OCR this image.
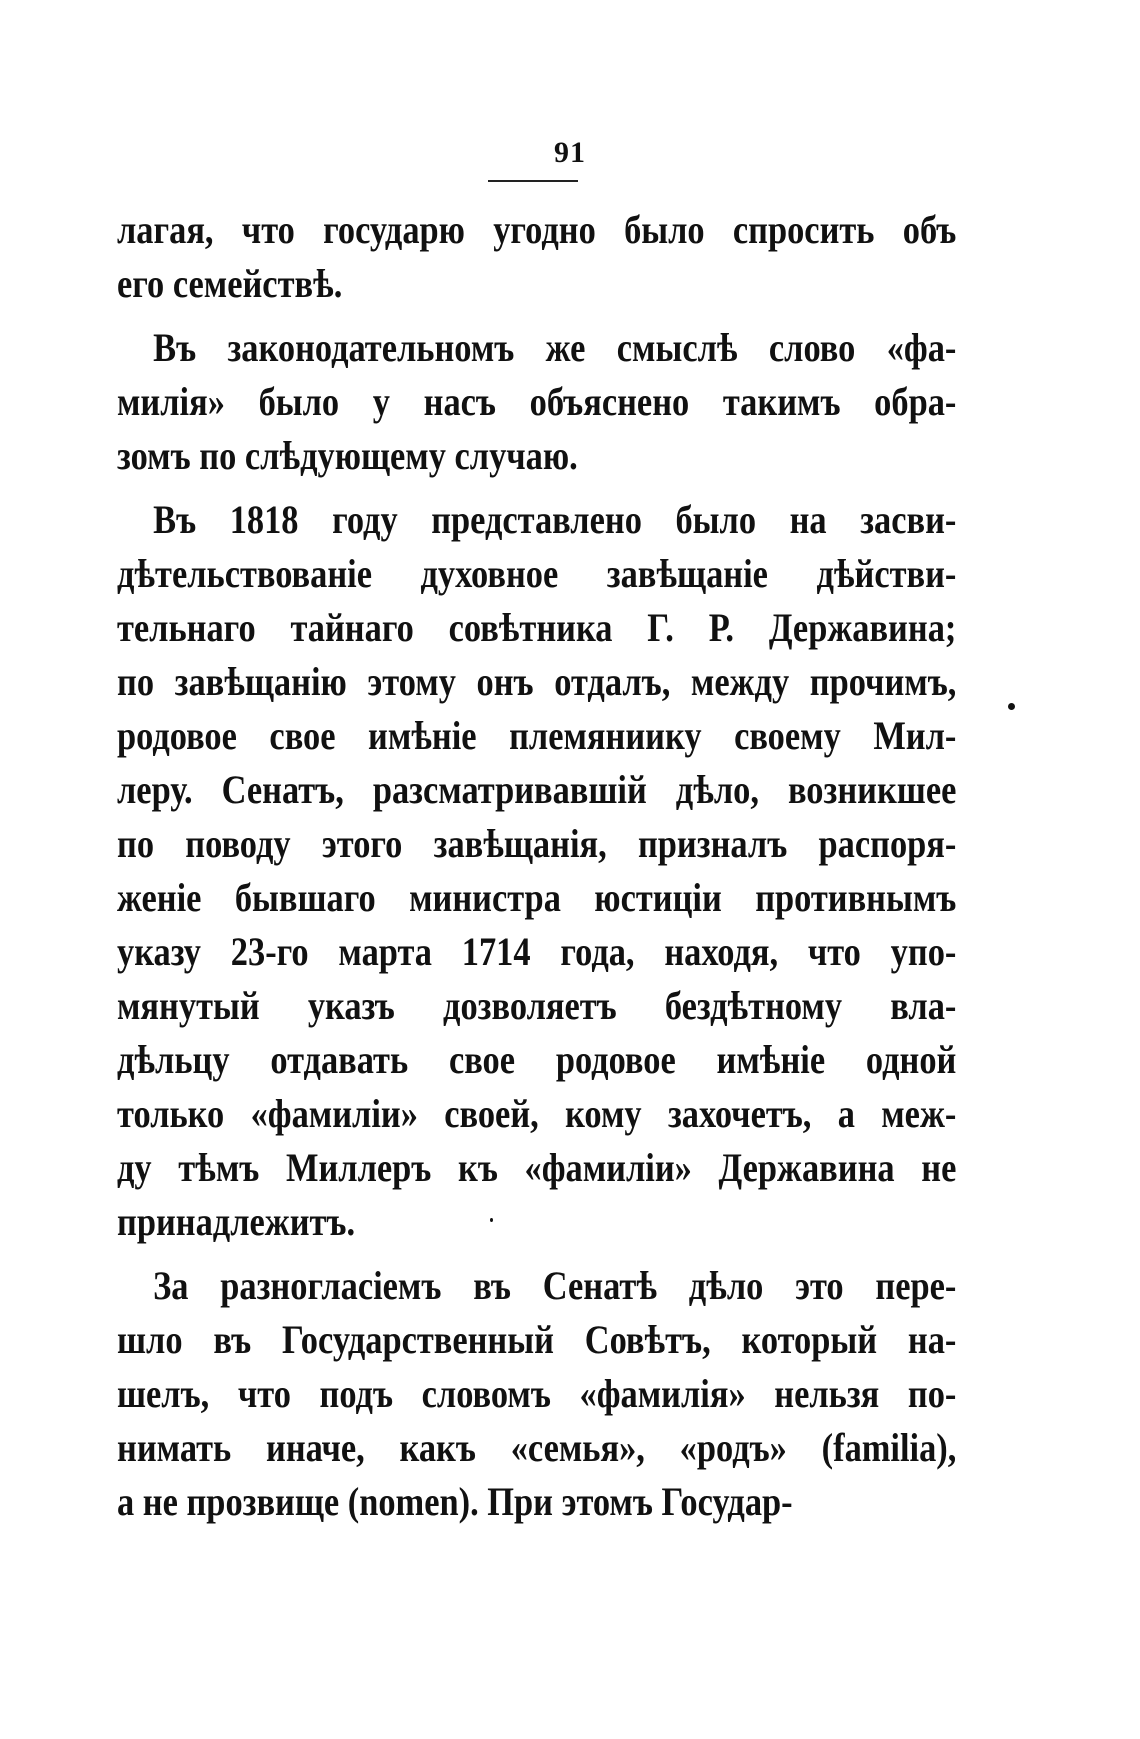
91
лагая, что государю угодно было спросить объ
его семействѣ.
Въ законодательномъ же смыслѣ слово «фа-
милія» было у насъ объяснено такимъ обра-
зомъ по слѣдующему случаю.
Въ 1818 году представлено было на засви-
дѣтельствованіе духовное завѣщаніе дѣйстви-
тельнаго тайнаго совѣтника Г. Р. Державина;
по завѣщанію этому онъ отдалъ, между прочимъ,
родовое свое имѣніе племяниику своему Мил-
леру. Сенатъ, разсматривавшій дѣло, возникшее
по поводу этого завѣщанія, призналъ распоря-
женіе бывшаго министра юстиціи противнымъ
указу 23-го марта 1714 года, находя, что упо-
мянутый указъ дозволяетъ бездѣтному вла-
дѣльцу отдавать свое родовое имѣніе одной
только «фамиліи» своей, кому захочетъ, а меж-
ду тѣмъ Миллеръ къ «фамиліи» Державина не
принадлежитъ.
За разногласіемъ въ Сенатѣ дѣло это пере-
шло въ Государственный Совѣтъ, который на-
шелъ, что подъ словомъ «фамилія» нельзя по-
нимать иначе, какъ «семья», «родъ» (familia),
а не прозвище (nomen). При этомъ Государ-
